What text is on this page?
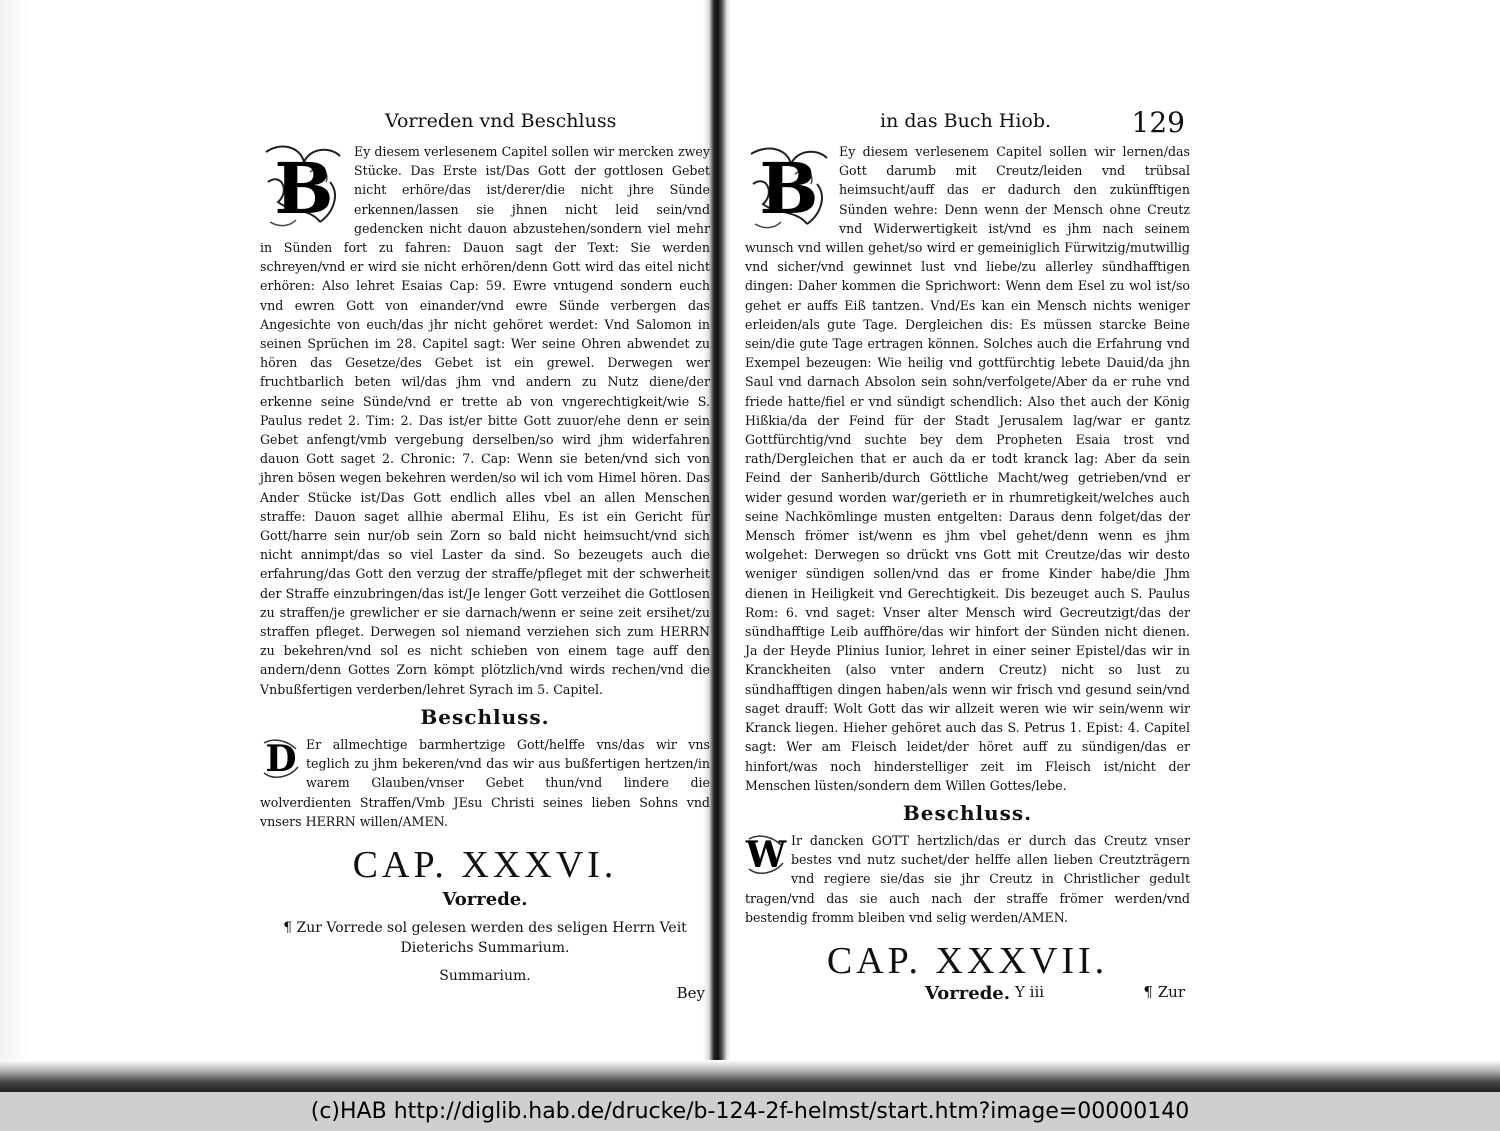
Vorreden vnd Beschluss
B	Ey diesem verlesenem Capitel sollen wir mercken zwey Stücke. Das Erste ist/Das Gott der gottlosen Gebet nicht erhöre/das ist/derer/die nicht jhre Sünde erkennen/lassen sie jhnen nicht leid sein/vnd gedencken nicht dauon abzustehen/sondern viel mehr in Sünden fort zu fahren: Dauon sagt der Text: Sie werden schreyen/vnd er wird sie nicht erhören/denn Gott wird das eitel nicht erhören: Also lehret Esaias Cap: 59. Ewre vntugend sondern euch vnd ewren Gott von einander/vnd ewre Sünde verbergen das Angesichte von euch/das jhr nicht gehöret werdet: Vnd Salomon in seinen Sprüchen im 28. Capitel sagt: Wer seine Ohren abwendet zu hören das Gesetze/des Gebet ist ein grewel. Derwegen wer fruchtbarlich beten wil/das jhm vnd andern zu Nutz diene/der erkenne seine Sünde/vnd er trette ab von vngerechtigkeit/wie S. Paulus redet 2. Tim: 2. Das ist/er bitte Gott zuuor/ehe denn er sein Gebet anfengt/vmb vergebung derselben/so wird jhm widerfahren dauon Gott saget 2. Chronic: 7. Cap: Wenn sie beten/vnd sich von jhren bösen wegen bekehren werden/so wil ich vom Himel hören. Das Ander Stücke ist/Das Gott endlich alles vbel an allen Menschen straffe: Dauon saget allhie abermal Elihu, Es ist ein Gericht für Gott/harre sein nur/ob sein Zorn so bald nicht heimsucht/vnd sich nicht annimpt/das so viel Laster da sind. So bezeugets auch die erfahrung/das Gott den verzug der straffe/pfleget mit der schwerheit der Straffe einzubringen/das ist/Je lenger Gott verzeihet die Gottlosen zu straffen/je grewlicher er sie darnach/wenn er seine zeit ersihet/zu straffen pfleget. Derwegen sol niemand verziehen sich zum HERRN zu bekehren/vnd sol es nicht schieben von einem tage auff den andern/denn Gottes Zorn kömpt plötzlich/vnd wirds rechen/vnd die Vnbußfertigen verderben/lehret Syrach im 5. Capitel.

Beschluss.
D Er allmechtige barmhertzige Gott/helffe vns/das wir vns teglich zu jhm bekeren/vnd das wir aus bußfertigen hertzen/in warem Glauben/vnser Gebet thun/vnd lindere die wolverdienten Straffen/Vmb JEsu Christi seines lieben Sohns vnd vnsers HERRN willen/AMEN.

CAP. XXXVI.
Vorrede.

¶ Zur Vorrede sol gelesen werden des seligen Herrn Veit Dieterichs Summarium.

Summarium.

Bey
in das Buch Hiob.	129
B	Ey diesem verlesenem Capitel sollen wir lernen/das Gott darumb mit Creutz/leiden vnd trübsal heimsucht/auff das er dadurch den zukünfftigen Sünden wehre: Denn wenn der Mensch ohne Creutz vnd Widerwertigkeit ist/vnd es jhm nach seinem wunsch vnd willen gehet/so wird er gemeiniglich Fürwitzig/mutwillig vnd sicher/vnd gewinnet lust vnd liebe/zu allerley sündhafftigen dingen: Daher kommen die Sprichwort: Wenn dem Esel zu wol ist/so gehet er auffs Eiß tantzen. Vnd/Es kan ein Mensch nichts weniger erleiden/als gute Tage. Dergleichen dis: Es müssen starcke Beine sein/die gute Tage ertragen können. Solches auch die Erfahrung vnd Exempel bezeugen: Wie heilig vnd gottfürchtig lebete Dauid/da jhn Saul vnd darnach Absolon sein sohn/verfolgete/Aber da er ruhe vnd friede hatte/fiel er vnd sündigt schendlich: Also thet auch der König Hißkia/da der Feind für der Stadt Jerusalem lag/war er gantz Gottfürchtig/vnd suchte bey dem Propheten Esaia trost vnd rath/Dergleichen that er auch da er todt kranck lag: Aber da sein Feind der Sanherib/durch Göttliche Macht/weg getrieben/vnd er wider gesund worden war/gerieth er in rhumretigkeit/welches auch seine Nachkömlinge musten entgelten: Daraus denn folget/das der Mensch frömer ist/wenn es jhm vbel gehet/denn wenn es jhm wolgehet: Derwegen so drückt vns Gott mit Creutze/das wir desto weniger sündigen sollen/vnd das er frome Kinder habe/die Jhm dienen in Heiligkeit vnd Gerechtigkeit. Dis bezeuget auch S. Paulus Rom: 6. vnd saget: Vnser alter Mensch wird Gecreutzigt/das der sündhafftige Leib auffhöre/das wir hinfort der Sünden nicht dienen. Ja der Heyde Plinius Iunior, lehret in einer seiner Epistel/das wir in Kranckheiten (also vnter andern Creutz) nicht so lust zu sündhafftigen dingen haben/als wenn wir frisch vnd gesund sein/vnd saget drauff: Wolt Gott das wir allzeit weren wie wir sein/wenn wir Kranck liegen. Hieher gehöret auch das S. Petrus 1. Epist: 4. Capitel sagt: Wer am Fleisch leidet/der höret auff zu sündigen/das er hinfort/was noch hinderstelliger zeit im Fleisch ist/nicht der Menschen lüsten/sondern dem Willen Gottes/lebe.

Beschluss.
W Ir dancken GOTT hertzlich/das er durch das Creutz vnser bestes vnd nutz suchet/der helffe allen lieben Creutzträgern vnd regiere sie/das sie jhr Creutz in Christlicher gedult tragen/vnd das sie auch nach der straffe frömer werden/vnd bestendig fromm bleiben vnd selig werden/AMEN.

CAP. XXXVII.
Vorrede. Y iii	¶ Zur
(c)HAB http://diglib.hab.de/drucke/b-124-2f-helmst/start.htm?image=00000140
